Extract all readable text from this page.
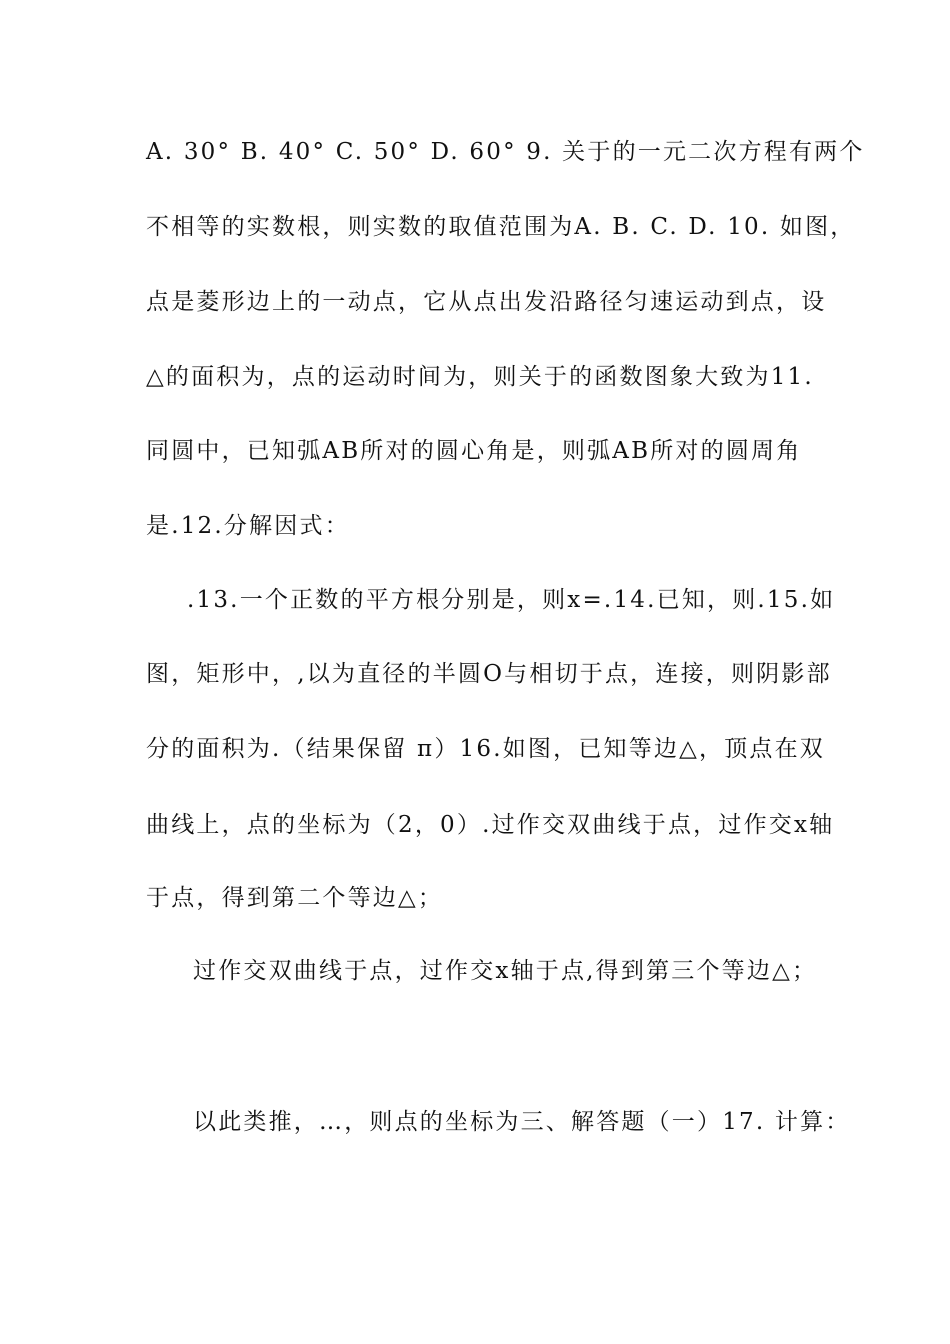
A. 30° B. 40° C. 50° D. 60° 9. 关于的一元二次方程有两个
不相等的实数根，则实数的取值范围为A. B. C. D. 10. 如图，
点是菱形边上的一动点，它从点出发沿路径匀速运动到点，设
△的面积为，点的运动时间为，则关于的函数图象大致为11.
同圆中，已知弧AB所对的圆心角是，则弧AB所对的圆周角
是.12.分解因式：
.13.一个正数的平方根分别是，则x=.14.已知，则.15.如
图，矩形中，,以为直径的半圆O与相切于点，连接，则阴影部
分的面积为.（结果保留 π）16.如图，已知等边△，顶点在双
曲线上，点的坐标为（2，0）.过作交双曲线于点，过作交x轴
于点，得到第二个等边△；
过作交双曲线于点，过作交x轴于点,得到第三个等边△；
以此类推，…，则点的坐标为三、解答题（一）17. 计算：
